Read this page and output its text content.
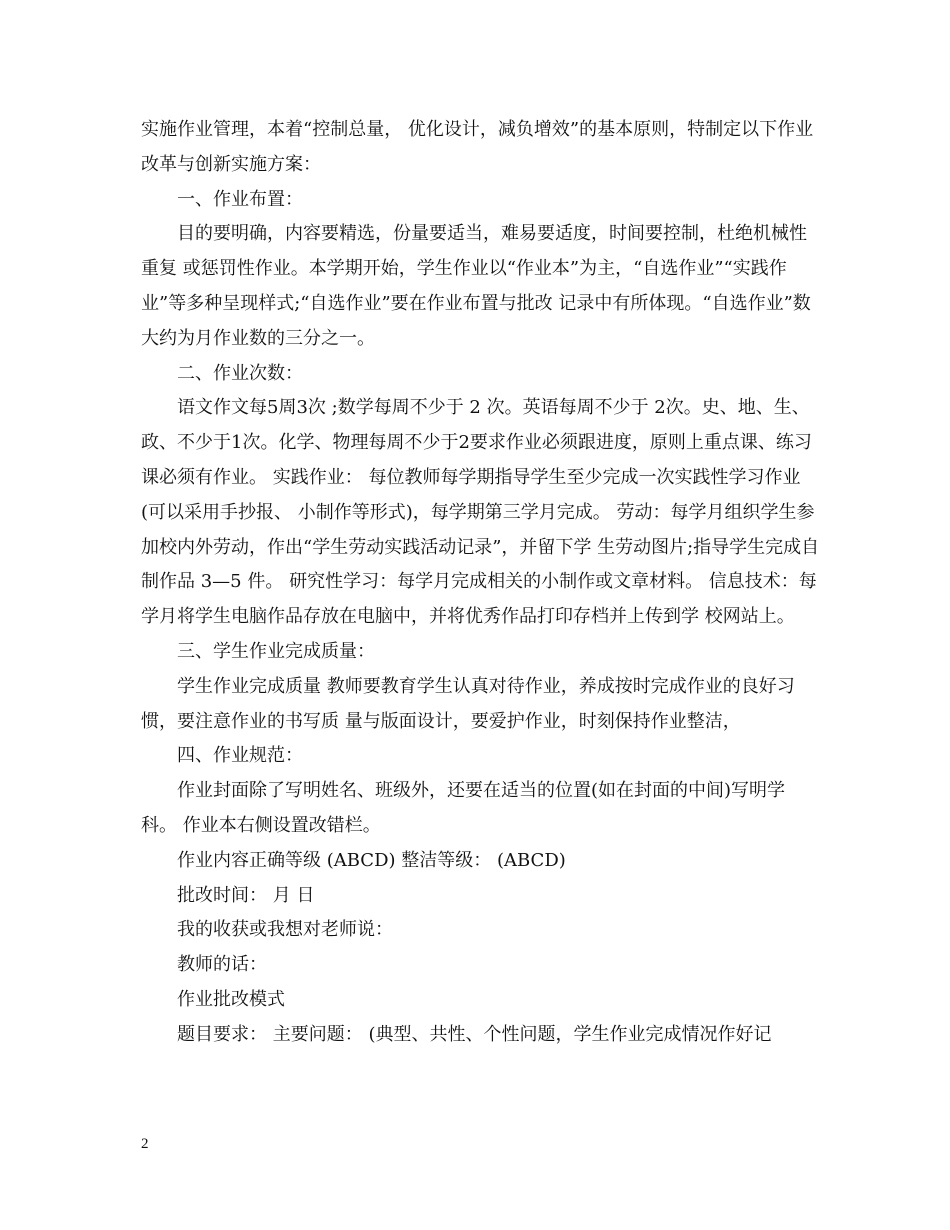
实施作业管理，本着“控制总量， 优化设计，减负增效”的基本原则，特制定以下作业改革与创新实施方案：

一、作业布置：

目的要明确，内容要精选，份量要适当，难易要适度，时间要控制，杜绝机械性重复 或惩罚性作业。本学期开始，学生作业以“作业本”为主，“自选作业”“实践作业”等多种呈现样式;“自选作业”要在作业布置与批改 记录中有所体现。“自选作业”数大约为月作业数的三分之一。

二、作业次数：

语文作文每5周3次 ;数学每周不少于 2 次。英语每周不少于 2次。史、地、生、政、不少于1次。化学、物理每周不少于2要求作业必须跟进度，原则上重点课、练习课必须有作业。 实践作业： 每位教师每学期指导学生至少完成一次实践性学习作业 (可以采用手抄报、 小制作等形式)，每学期第三学月完成。 劳动：每学月组织学生参加校内外劳动，作出“学生劳动实践活动记录”，并留下学 生劳动图片;指导学生完成自制作品 3—5 件。 研究性学习：每学月完成相关的小制作或文章材料。 信息技术：每学月将学生电脑作品存放在电脑中，并将优秀作品打印存档并上传到学 校网站上。

三、学生作业完成质量：

学生作业完成质量 教师要教育学生认真对待作业，养成按时完成作业的良好习惯，要注意作业的书写质 量与版面设计，要爱护作业，时刻保持作业整洁，

四、作业规范：

作业封面除了写明姓名、班级外，还要在适当的位置(如在封面的中间)写明学科。 作业本右侧设置改错栏。

作业内容正确等级 (ABCD) 整洁等级： (ABCD)

批改时间： 月 日

我的收获或我想对老师说：

教师的话：

作业批改模式

题目要求： 主要问题： (典型、共性、个性问题，学生作业完成情况作好记

2
